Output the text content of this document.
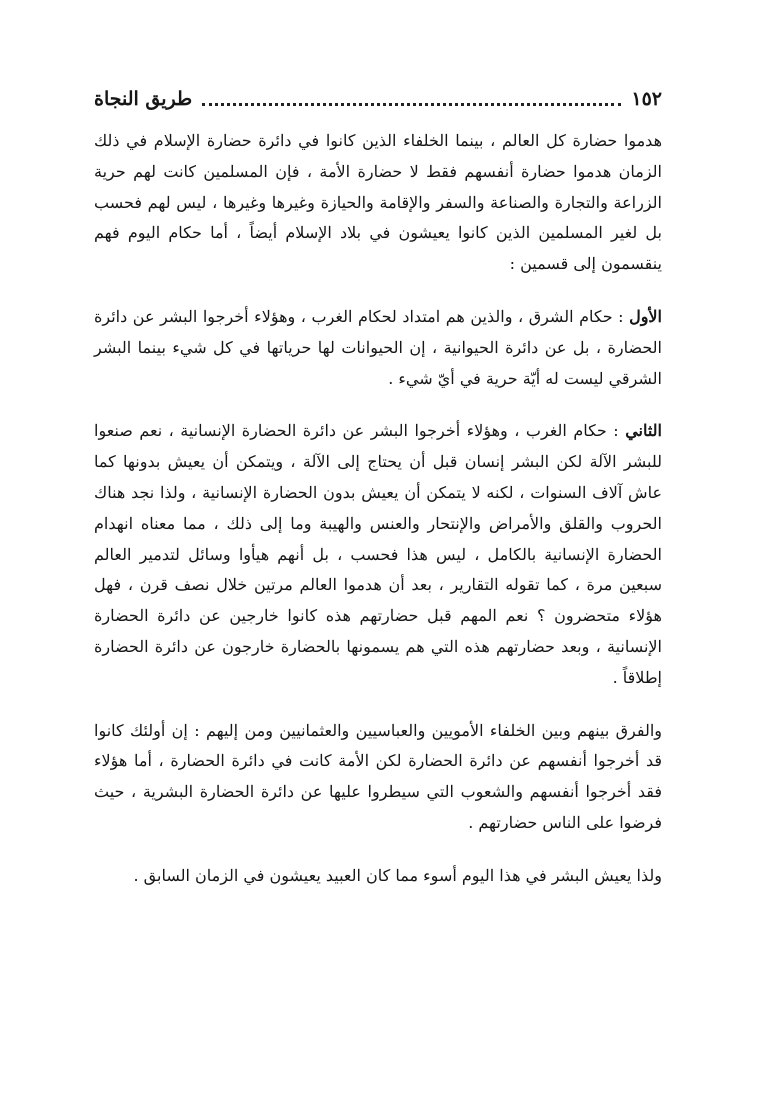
١٥٢
طريق النجاة

هدموا حضارة كل العالم ، بينما الخلفاء الذين كانوا في دائرة حضارة الإسلام في ذلك الزمان هدموا حضارة أنفسهم فقط لا حضارة الأمة ، فإن المسلمين كانت لهم حرية الزراعة والتجارة والصناعة والسفر والإقامة والحيازة وغيرها وغيرها ، ليس لهم فحسب بل لغير المسلمين الذين كانوا يعيشون في بلاد الإسلام أيضاً ، أما حكام اليوم فهم ينقسمون إلى قسمين :

الأول : حكام الشرق ، والذين هم امتداد لحكام الغرب ، وهؤلاء أخرجوا البشر عن دائرة الحضارة ، بل عن دائرة الحيوانية ، إن الحيوانات لها حرياتها في كل شيء بينما البشر الشرقي ليست له أيّة حرية في أيّ شيء .

الثاني : حكام الغرب ، وهؤلاء أخرجوا البشر عن دائرة الحضارة الإنسانية ، نعم صنعوا للبشر الآلة لكن البشر إنسان قبل أن يحتاج إلى الآلة ، ويتمكن أن يعيش بدونها كما عاش آلاف السنوات ، لكنه لا يتمكن أن يعيش بدون الحضارة الإنسانية ، ولذا نجد هناك الحروب والقلق والأمراض والإنتحار والعنس والهيبة وما إلى ذلك ، مما معناه انهدام الحضارة الإنسانية بالكامل ، ليس هذا فحسب ، بل أنهم هيأوا وسائل لتدمير العالم سبعين مرة ، كما تقوله التقارير ، بعد أن هدموا العالم مرتين خلال نصف قرن ، فهل هؤلاء متحضرون ؟ نعم المهم قبل حضارتهم هذه كانوا خارجين عن دائرة الحضارة الإنسانية ، وبعد حضارتهم هذه التي هم يسمونها بالحضارة خارجون عن دائرة الحضارة إطلاقاً .

والفرق بينهم وبين الخلفاء الأمويين والعباسيين والعثمانيين ومن إليهم : إن أولئك كانوا قد أخرجوا أنفسهم عن دائرة الحضارة لكن الأمة كانت في دائرة الحضارة ، أما هؤلاء فقد أخرجوا أنفسهم والشعوب التي سيطروا عليها عن دائرة الحضارة البشرية ، حيث فرضوا على الناس حضارتهم .

ولذا يعيش البشر في هذا اليوم أسوء مما كان العبيد يعيشون في الزمان السابق .
